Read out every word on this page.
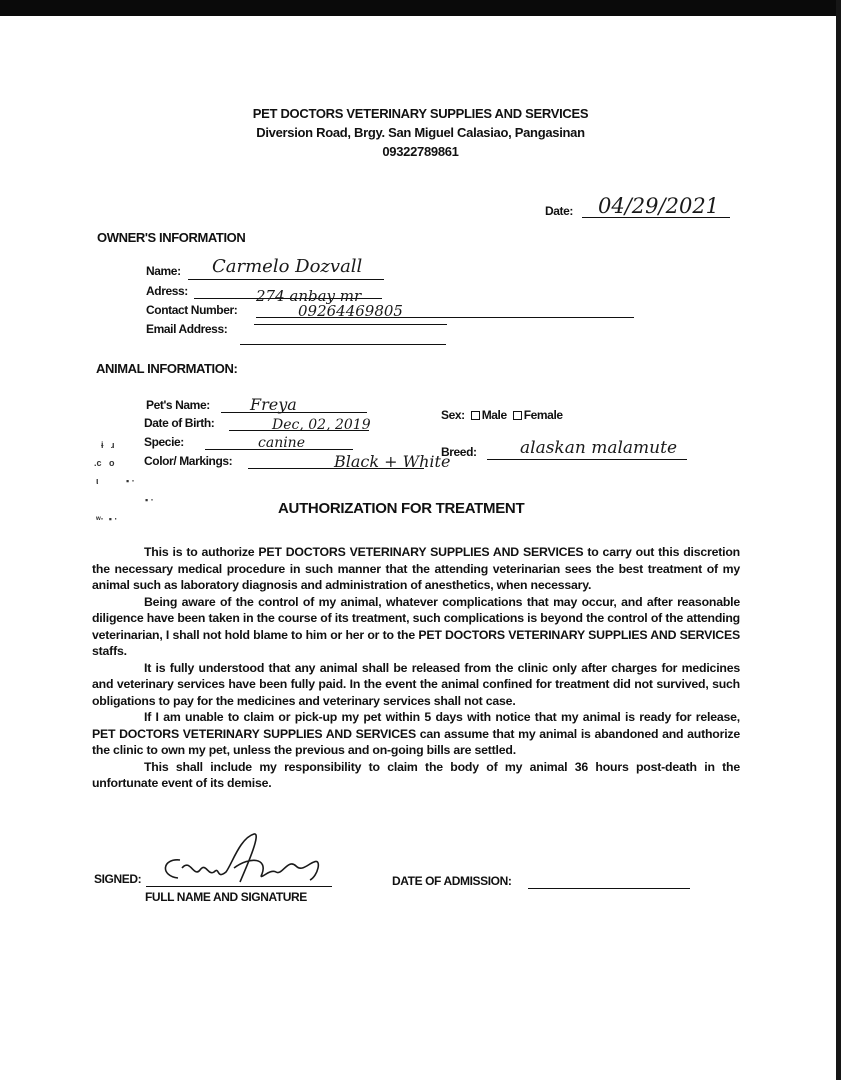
PET DOCTORS VETERINARY SUPPLIES AND SERVICES
Diversion Road, Brgy. San Miguel Calasiao, Pangasinan
09322789861
Date: 04/29/2021
OWNER'S INFORMATION
Name: Carmelo Dozvall
Adress:	274 anbay mr
Contact Number:	09264469805
Email Address:
ANIMAL INFORMATION:
Pet's Name:	Freya
Sex: Male Female
Date of Birth:	Dec, 02, 2019
Specie:	canine
Breed:	alaskan malamute
Color/ Markings:	Black + White
ɨ   ɹ
.c   o
ι           ▪ ·
▪ ·
ʷ·  ▪ ·
AUTHORIZATION FOR TREATMENT

This is to authorize PET DOCTORS VETERINARY SUPPLIES AND SERVICES to carry out this discretion the necessary medical procedure in such manner that the attending veterinarian sees the best treatment of my animal such as laboratory diagnosis and administration of anesthetics, when necessary.

Being aware of the control of my animal, whatever complications that may occur, and after reasonable diligence have been taken in the course of its treatment, such complications is beyond the control of the attending veterinarian, I shall not hold blame to him or her or to the PET DOCTORS VETERINARY SUPPLIES AND SERVICES staffs.

It is fully understood that any animal shall be released from the clinic only after charges for medicines and veterinary services have been fully paid. In the event the animal confined for treatment did not survived, such obligations to pay for the medicines and veterinary services shall not case.

If I am unable to claim or pick-up my pet within 5 days with notice that my animal is ready for release, PET DOCTORS VETERINARY SUPPLIES AND SERVICES can assume that my animal is abandoned and authorize the clinic to own my pet, unless the previous and on-going bills are settled.

This shall include my responsibility to claim the body of my animal 36 hours post-death in the unfortunate event of its demise.

SIGNED:
FULL NAME AND SIGNATURE
DATE OF ADMISSION:
